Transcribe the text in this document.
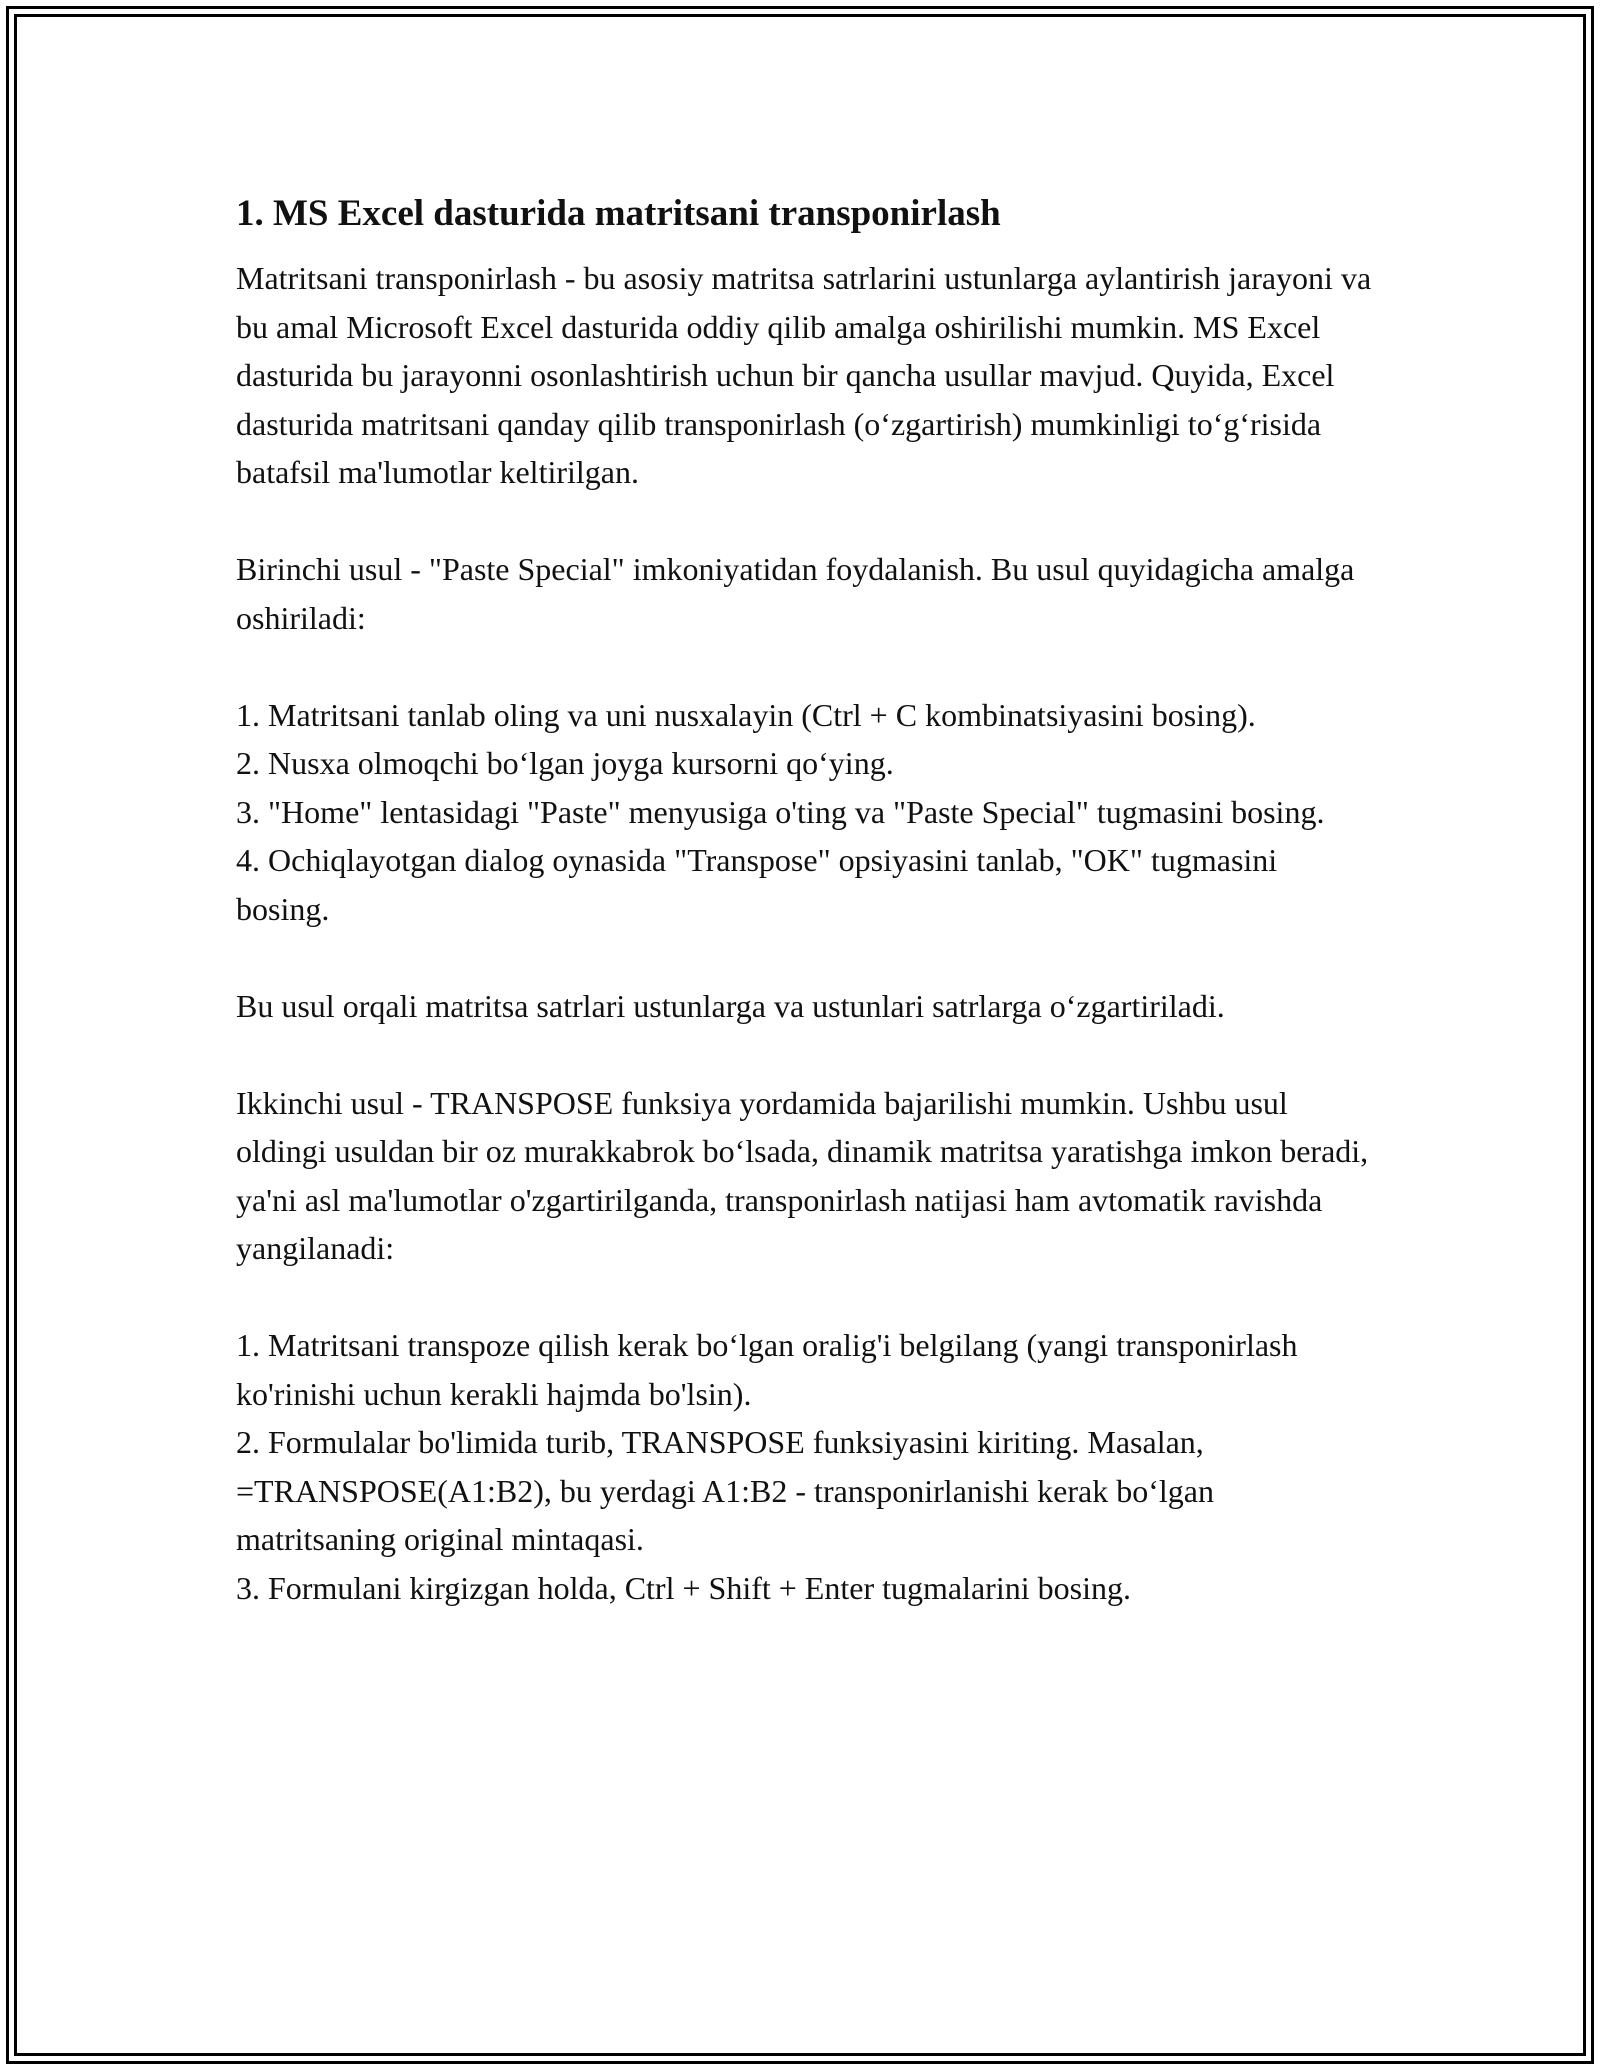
1. MS Excel dasturida matritsani transponirlash

Matritsani transponirlash - bu asosiy matritsa satrlarini ustunlarga aylantirish jarayoni va bu amal Microsoft Excel dasturida oddiy qilib amalga oshirilishi mumkin. MS Excel dasturida bu jarayonni osonlashtirish uchun bir qancha usullar mavjud. Quyida, Excel dasturida matritsani qanday qilib transponirlash (o‘zgartirish) mumkinligi to‘g‘risida batafsil ma'lumotlar keltirilgan.

Birinchi usul - "Paste Special" imkoniyatidan foydalanish. Bu usul quyidagicha amalga oshiriladi:

1. Matritsani tanlab oling va uni nusxalayin (Ctrl + C kombinatsiyasini bosing).

2. Nusxa olmoqchi bo‘lgan joyga kursorni qo‘ying.

3. "Home" lentasidagi "Paste" menyusiga o'ting va "Paste Special" tugmasini bosing.

4. Ochiqlayotgan dialog oynasida "Transpose" opsiyasini tanlab, "OK" tugmasini bosing.

Bu usul orqali matritsa satrlari ustunlarga va ustunlari satrlarga o‘zgartiriladi.

Ikkinchi usul - TRANSPOSE funksiya yordamida bajarilishi mumkin. Ushbu usul oldingi usuldan bir oz murakkabrok bo‘lsada, dinamik matritsa yaratishga imkon beradi, ya'ni asl ma'lumotlar o'zgartirilganda, transponirlash natijasi ham avtomatik ravishda yangilanadi:

1. Matritsani transpoze qilish kerak bo‘lgan oralig'i belgilang (yangi transponirlash ko'rinishi uchun kerakli hajmda bo'lsin).

2. Formulalar bo'limida turib, TRANSPOSE funksiyasini kiriting. Masalan, =TRANSPOSE(A1:B2), bu yerdagi A1:B2 - transponirlanishi kerak bo‘lgan matritsaning original mintaqasi.

3. Formulani kirgizgan holda, Ctrl + Shift + Enter tugmalarini bosing.
